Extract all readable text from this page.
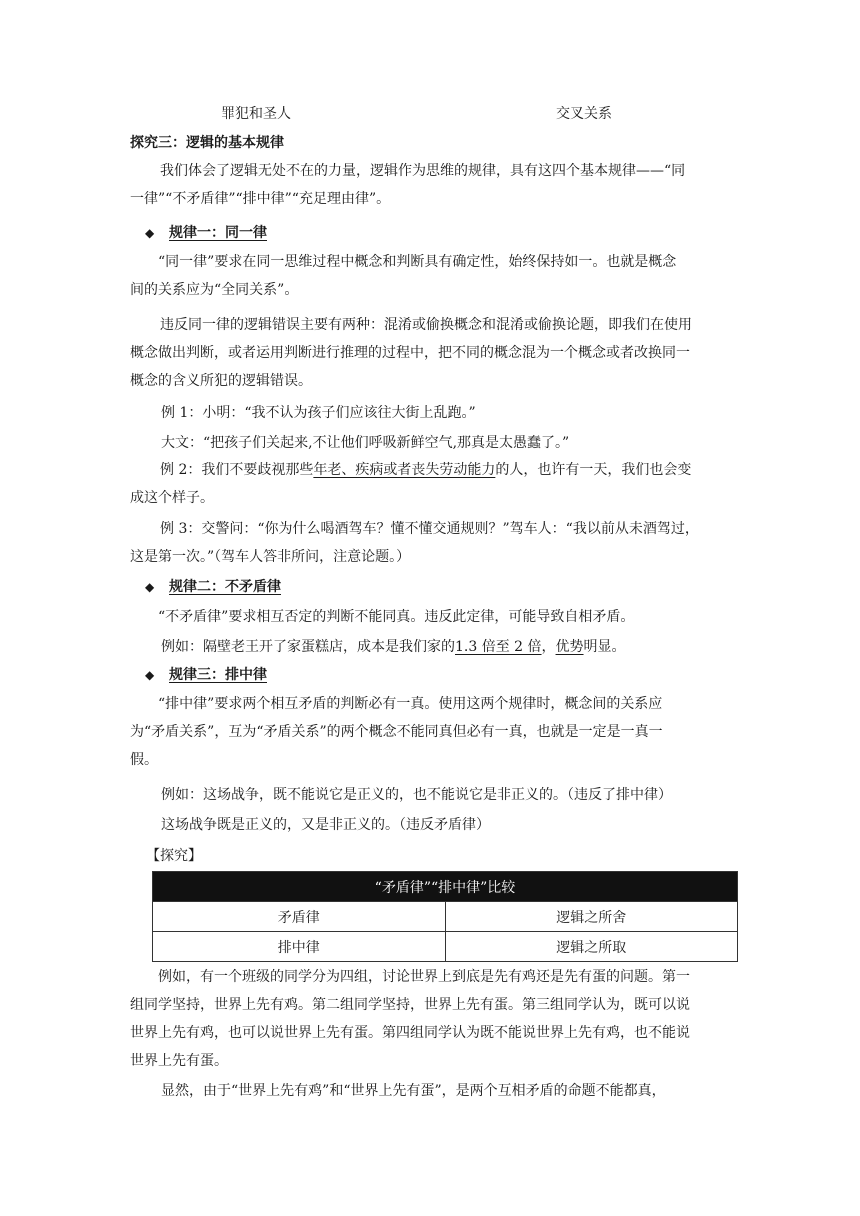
罪犯和圣人	交叉关系
探究三：逻辑的基本规律
我们体会了逻辑无处不在的力量，逻辑作为思维的规律，具有这四个基本规律——“同
一律”“不矛盾律”“排中律”“充足理由律”。
◆ 规律一：同一律
“同一律”要求在同一思维过程中概念和判断具有确定性，始终保持如一。也就是概念
间的关系应为“全同关系”。
违反同一律的逻辑错误主要有两种：混淆或偷换概念和混淆或偷换论题，即我们在使用
概念做出判断，或者运用判断进行推理的过程中，把不同的概念混为一个概念或者改换同一
概念的含义所犯的逻辑错误。
例 1：小明：“我不认为孩子们应该往大街上乱跑。”
大文：“把孩子们关起来,不让他们呼吸新鲜空气,那真是太愚蠢了。”
例 2：我们不要歧视那些年老、疾病或者丧失劳动能力的人，也许有一天，我们也会变
成这个样子。
例 3：交警问：“你为什么喝酒驾车？懂不懂交通规则？”驾车人：“我以前从未酒驾过，
这是第一次。”（驾车人答非所问，注意论题。）
◆ 规律二：不矛盾律
“不矛盾律”要求相互否定的判断不能同真。违反此定律，可能导致自相矛盾。
例如：隔壁老王开了家蛋糕店，成本是我们家的1.3 倍至 2 倍，优势明显。
◆ 规律三：排中律
“排中律”要求两个相互矛盾的判断必有一真。使用这两个规律时，概念间的关系应
为“矛盾关系”，互为“矛盾关系”的两个概念不能同真但必有一真，也就是一定是一真一
假。
例如：这场战争，既不能说它是正义的，也不能说它是非正义的。（违反了排中律）
这场战争既是正义的，又是非正义的。（违反矛盾律）
【探究】
“矛盾律”“排中律”比较	
矛盾律	逻辑之所舍
排中律	逻辑之所取
例如，有一个班级的同学分为四组，讨论世界上到底是先有鸡还是先有蛋的问题。第一
组同学坚持，世界上先有鸡。第二组同学坚持，世界上先有蛋。第三组同学认为，既可以说
世界上先有鸡，也可以说世界上先有蛋。第四组同学认为既不能说世界上先有鸡，也不能说
世界上先有蛋。
显然，由于“世界上先有鸡”和“世界上先有蛋”，是两个互相矛盾的命题不能都真，
